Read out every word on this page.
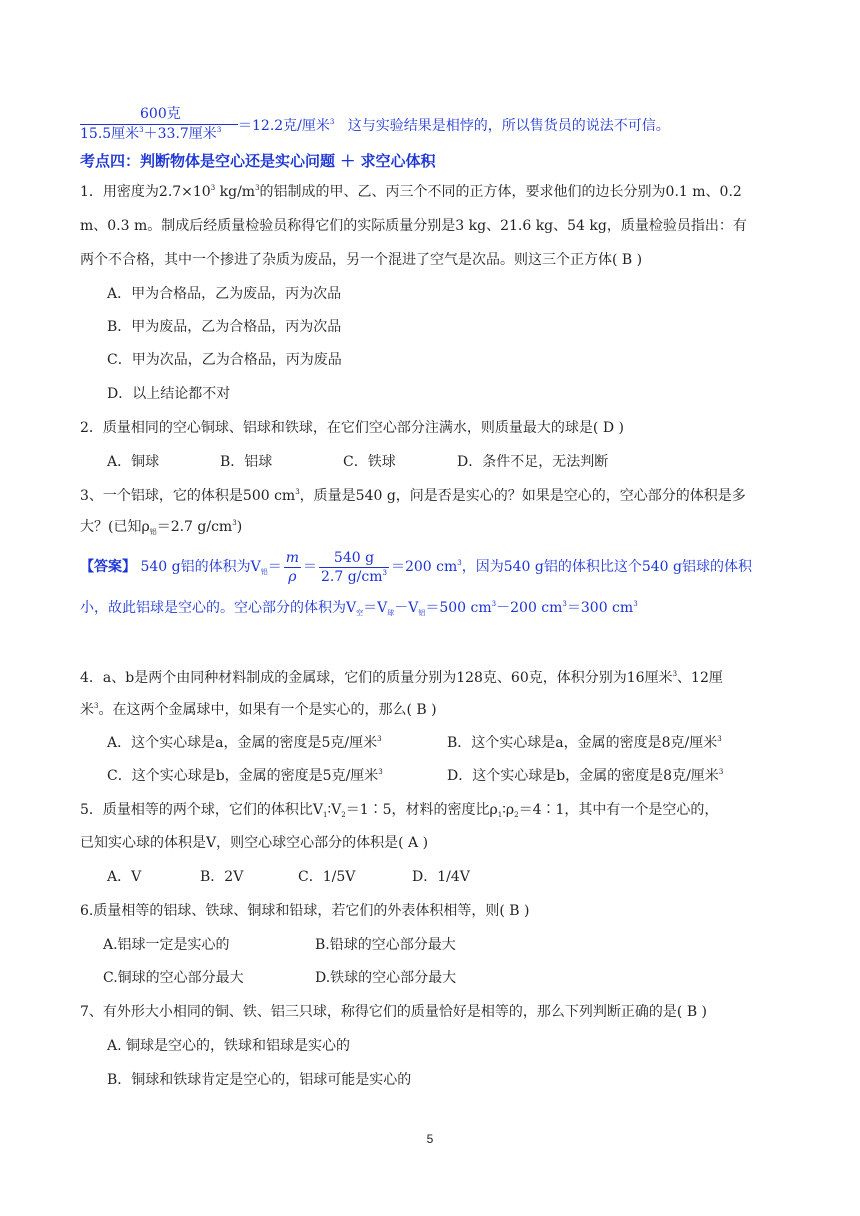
600克
15.5厘米$^3$＋33.7厘米$^3$ ＝12.2克/厘米$^3$ 这与实验结果是相悖的，所以售货员的说法不可信。
考点四：判断物体是空心还是实心问题 ＋ 求空心体积
1．用密度为$2.7\times 10^3$ $kg/m^3$的铝制成的甲、乙、丙三个不同的正方体，要求他们的边长分别为0.1 m、0.2
m、0.3 m。制成后经质量检验员称得它们的实际质量分别是3 kg、21.6 kg、54 kg，质量检验员指出：有
两个不合格，其中一个掺进了杂质为废品，另一个混进了空气是次品。则这三个正方体( B )
A．甲为合格品，乙为废品，丙为次品
B．甲为废品，乙为合格品，丙为次品
C．甲为次品，乙为合格品，丙为废品
D．以上结论都不对
2．质量相同的空心铜球、铝球和铁球，在它们空心部分注满水，则质量最大的球是( D )
A．铜球	B．铝球	C．铁球	D．条件不足，无法判断
3、一个铝球，它的体积是500 $cm^3$，质量是540 g，问是否是实心的？如果是空心的，空心部分的体积是多
大？(已知$\rho_铝=2.7$ $g/cm^3$)
【答案】 540 g铝的体积为$V_铝= \frac{m}{\rho} = \frac{540 g}{2.7 g/cm^3} =200$ $cm^3$，因为540 g铝的体积比这个540 g铝球的体积
小，故此铝球是空心的。空心部分的体积为$V_空=V_球-V_铝=500$ $cm^3-200$ $cm^3=300$ $cm^3$
4．a、b是两个由同种材料制成的金属球，它们的质量分别为128克、60克，体积分别为16厘米$^3$、12厘
米$^3$。在这两个金属球中，如果有一个是实心的，那么( B )
A．这个实心球是a，金属的密度是5克/厘米$^3$	B．这个实心球是a，金属的密度是8克/厘米$^3$
C．这个实心球是b，金属的密度是5克/厘米$^3$	D．这个实心球是b，金属的密度是8克/厘米$^3$
5．质量相等的两个球，它们的体积比$V_1∶V_2=1∶5$，材料的密度比$\rho_1∶\rho_2=4∶1$，其中有一个是空心的，
已知实心球的体积是V，则空心球空心部分的体积是( A )
A．V	B．2V	C．1/5V	D．1/4V
6.质量相等的铝球、铁球、铜球和铅球，若它们的外表体积相等，则( B )
A.铝球一定是实心的	B.铅球的空心部分最大
C.铜球的空心部分最大	D.铁球的空心部分最大
7、有外形大小相同的铜、铁、铝三只球，称得它们的质量恰好是相等的，那么下列判断正确的是( B )
A. 铜球是空心的，铁球和铝球是实心的
B．铜球和铁球肯定是空心的，铝球可能是实心的
5
